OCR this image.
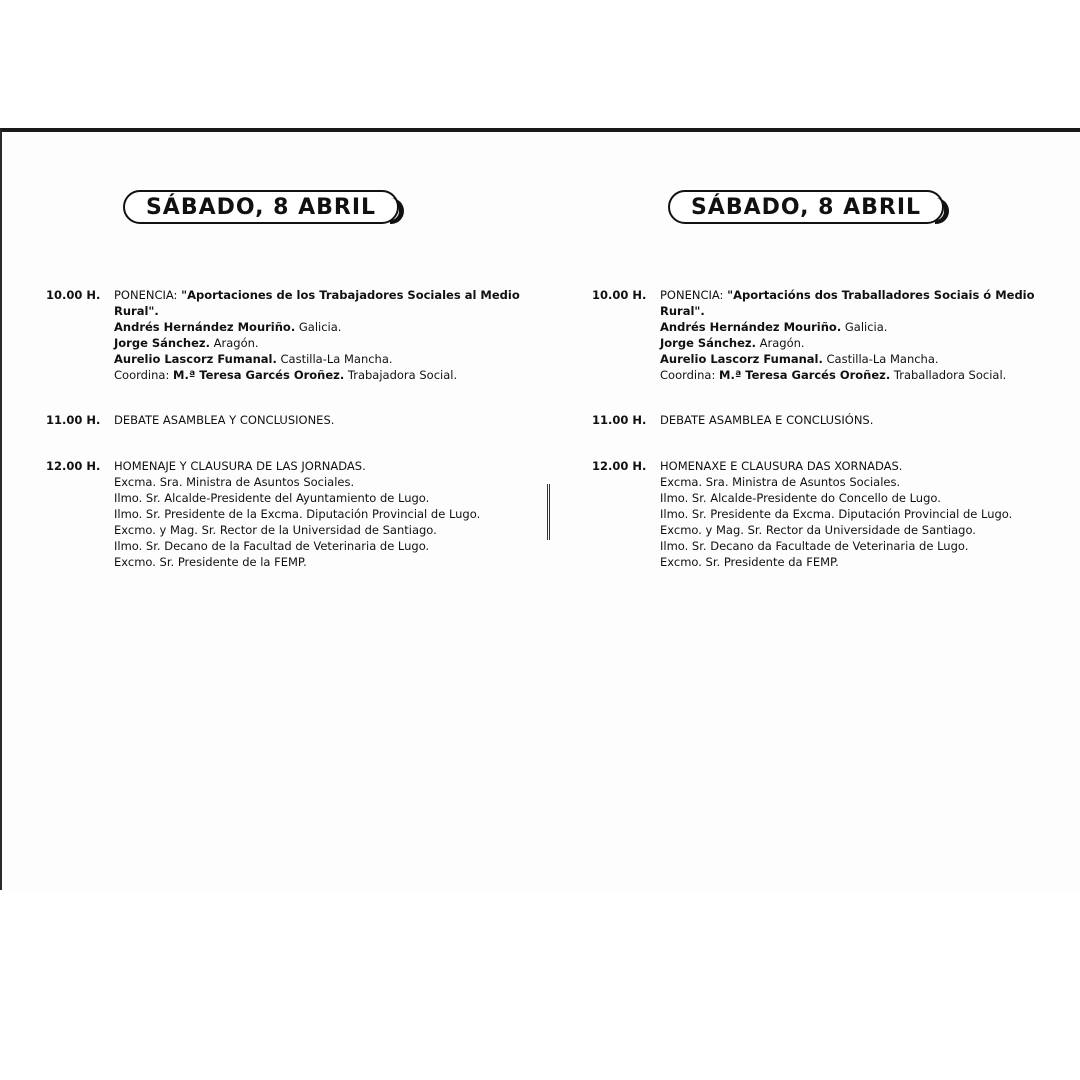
SÁBADO, 8 ABRIL
10.00 H.	PONENCIA: "Aportaciones de los Trabajadores Sociales al Medio
Rural".
Andrés Hernández Mouriño. Galicia.
Jorge Sánchez. Aragón.
Aurelio Lascorz Fumanal. Castilla-La Mancha.
Coordina: M.ª Teresa Garcés Oroñez. Trabajadora Social.
11.00 H.	DEBATE ASAMBLEA Y CONCLUSIONES.
12.00 H.	HOMENAJE Y CLAUSURA DE LAS JORNADAS.
Excma. Sra. Ministra de Asuntos Sociales.
Ilmo. Sr. Alcalde-Presidente del Ayuntamiento de Lugo.
Ilmo. Sr. Presidente de la Excma. Diputación Provincial de Lugo.
Excmo. y Mag. Sr. Rector de la Universidad de Santiago.
Ilmo. Sr. Decano de la Facultad de Veterinaria de Lugo.
Excmo. Sr. Presidente de la FEMP.
SÁBADO, 8 ABRIL
10.00 H.	PONENCIA: "Aportacións dos Traballadores Sociais ó Medio
Rural".
Andrés Hernández Mouriño. Galicia.
Jorge Sánchez. Aragón.
Aurelio Lascorz Fumanal. Castilla-La Mancha.
Coordina: M.ª Teresa Garcés Oroñez. Traballadora Social.
11.00 H.	DEBATE ASAMBLEA E CONCLUSIÓNS.
12.00 H.	HOMENAXE E CLAUSURA DAS XORNADAS.
Excma. Sra. Ministra de Asuntos Sociales.
Ilmo. Sr. Alcalde-Presidente do Concello de Lugo.
Ilmo. Sr. Presidente da Excma. Diputación Provincial de Lugo.
Excmo. y Mag. Sr. Rector da Universidade de Santiago.
Ilmo. Sr. Decano da Facultade de Veterinaria de Lugo.
Excmo. Sr. Presidente da FEMP.
